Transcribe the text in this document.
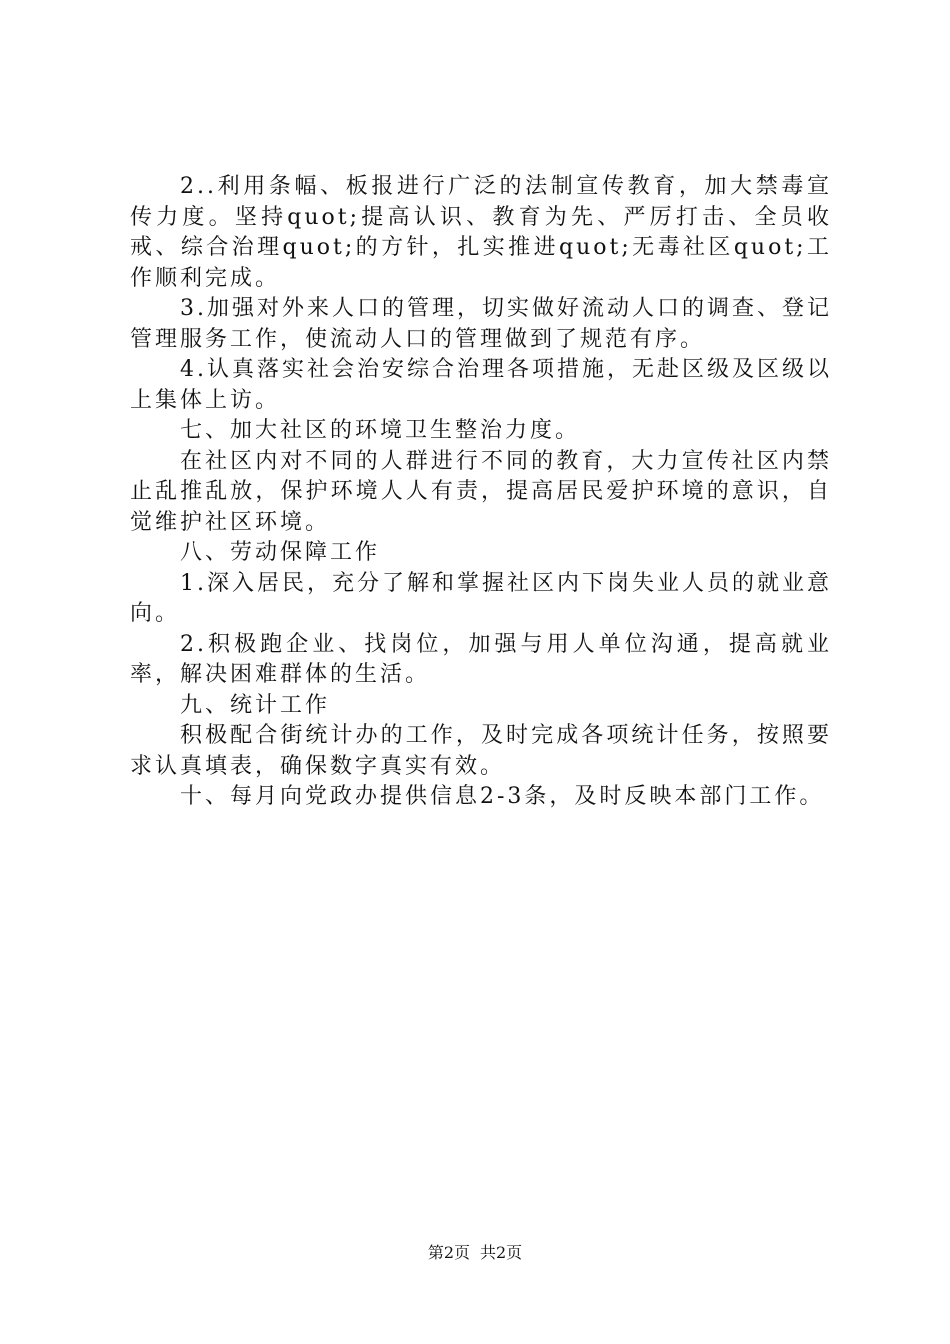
2..利用条幅、板报进行广泛的法制宣传教育，加大禁毒宣传力度。坚持quot;提高认识、教育为先、严厉打击、全员收戒、综合治理quot;的方针，扎实推进quot;无毒社区quot;工作顺利完成。

3.加强对外来人口的管理，切实做好流动人口的调查、登记管理服务工作，使流动人口的管理做到了规范有序。

4.认真落实社会治安综合治理各项措施，无赴区级及区级以上集体上访。

七、加大社区的环境卫生整治力度。

在社区内对不同的人群进行不同的教育，大力宣传社区内禁止乱推乱放，保护环境人人有责，提高居民爱护环境的意识，自觉维护社区环境。

八、劳动保障工作

1.深入居民，充分了解和掌握社区内下岗失业人员的就业意向。

2.积极跑企业、找岗位，加强与用人单位沟通，提高就业率，解决困难群体的生活。

九、统计工作

积极配合街统计办的工作，及时完成各项统计任务，按照要求认真填表，确保数字真实有效。

十、每月向党政办提供信息2-3条，及时反映本部门工作。

第2页 共2页
